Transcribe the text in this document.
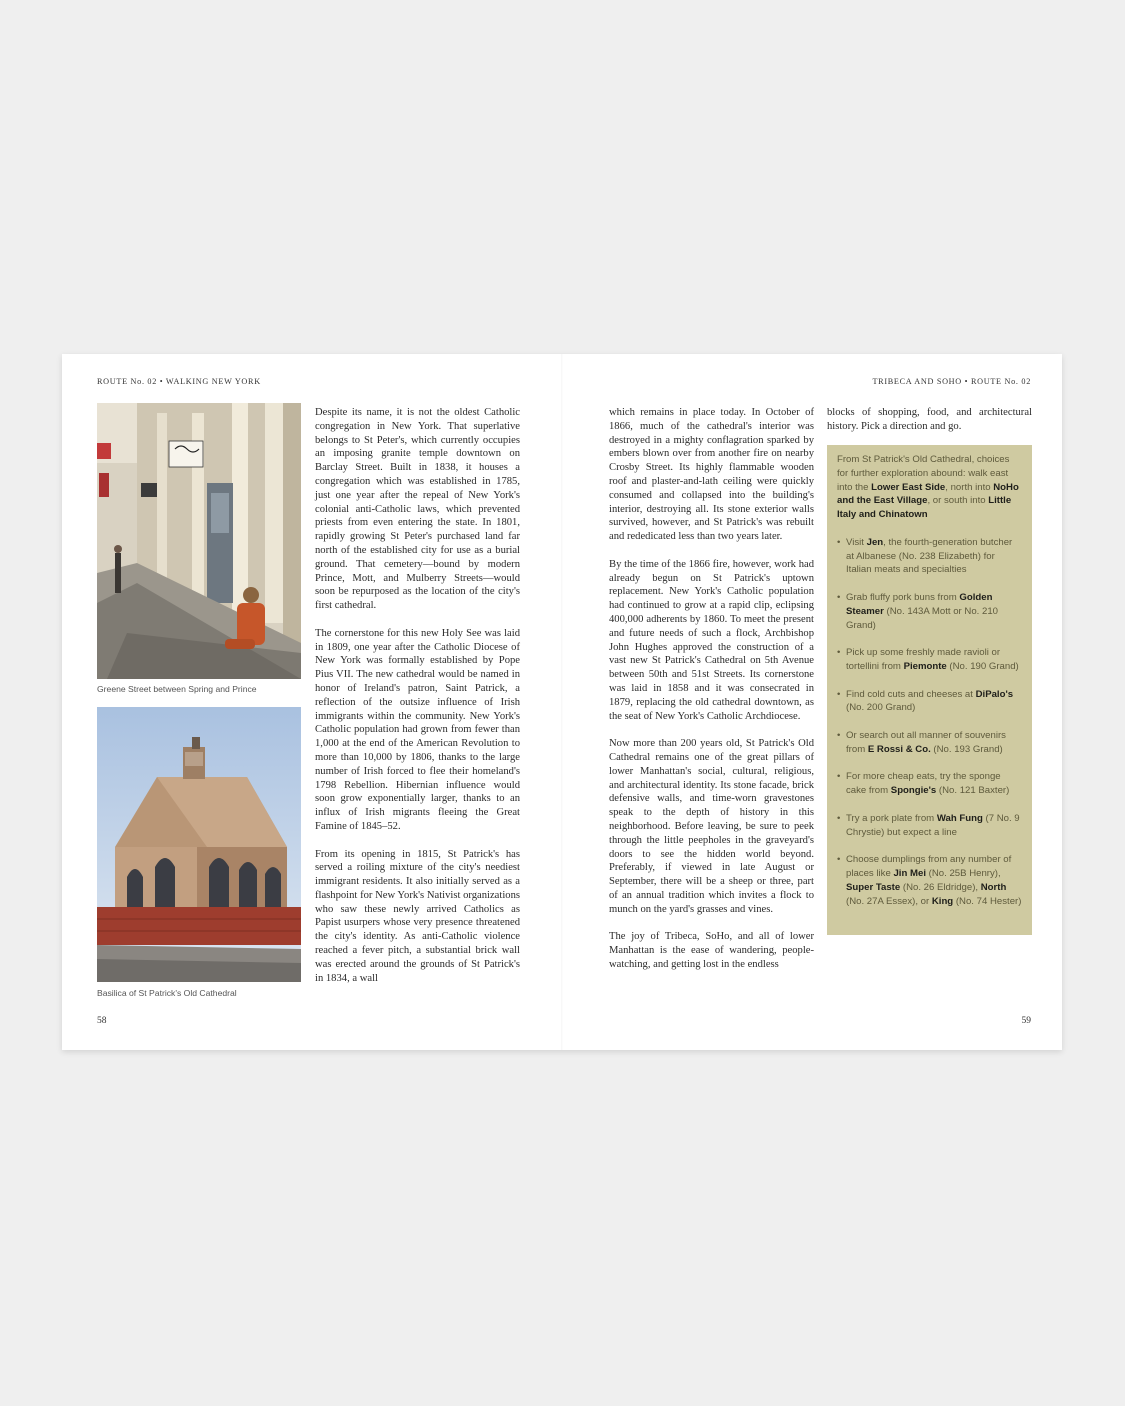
ROUTE No. 02 • WALKING NEW YORK
Greene Street between Spring and Prince
Basilica of St Patrick's Old Cathedral

Despite its name, it is not the oldest Catholic congregation in New York. That superlative belongs to St Peter's, which currently occupies an imposing granite temple downtown on Barclay Street. Built in 1838, it houses a congregation which was established in 1785, just one year after the repeal of New York's colonial anti-Catholic laws, which prevented priests from even entering the state. In 1801, rapidly growing St Peter's purchased land far north of the established city for use as a burial ground. That cemetery—bound by modern Prince, Mott, and Mulberry Streets—would soon be repurposed as the location of the city's first cathedral.

The cornerstone for this new Holy See was laid in 1809, one year after the Catholic Diocese of New York was formally established by Pope Pius VII. The new cathedral would be named in honor of Ireland's patron, Saint Patrick, a reflection of the outsize influence of Irish immigrants within the community. New York's Catholic population had grown from fewer than 1,000 at the end of the American Revolution to more than 10,000 by 1806, thanks to the large number of Irish forced to flee their homeland's 1798 Rebellion. Hibernian influence would soon grow exponentially larger, thanks to an influx of Irish migrants fleeing the Great Famine of 1845–52.

From its opening in 1815, St Patrick's has served a roiling mixture of the city's neediest immigrant residents. It also initially served as a flashpoint for New York's Nativist organizations who saw these newly arrived Catholics as Papist usurpers whose very presence threatened the city's identity. As anti-Catholic violence reached a fever pitch, a substantial brick wall was erected around the grounds of St Patrick's in 1834, a wall

58
TRIBECA AND SOHO • ROUTE No. 02

which remains in place today. In October of 1866, much of the cathedral's interior was destroyed in a mighty conflagration sparked by embers blown over from another fire on nearby Crosby Street. Its highly flammable wooden roof and plaster-and-lath ceiling were quickly consumed and collapsed into the building's interior, destroying all. Its stone exterior walls survived, however, and St Patrick's was rebuilt and rededicated less than two years later.

By the time of the 1866 fire, however, work had already begun on St Patrick's uptown replacement. New York's Catholic population had continued to grow at a rapid clip, eclipsing 400,000 adherents by 1860. To meet the present and future needs of such a flock, Archbishop John Hughes approved the construction of a vast new St Patrick's Cathedral on 5th Avenue between 50th and 51st Streets. Its cornerstone was laid in 1858 and it was consecrated in 1879, replacing the old cathedral downtown, as the seat of New York's Catholic Archdiocese.

Now more than 200 years old, St Patrick's Old Cathedral remains one of the great pillars of lower Manhattan's social, cultural, religious, and architectural identity. Its stone facade, brick defensive walls, and time-worn gravestones speak to the depth of history in this neighborhood. Before leaving, be sure to peek through the little peepholes in the graveyard's doors to see the hidden world beyond. Preferably, if viewed in late August or September, there will be a sheep or three, part of an annual tradition which invites a flock to munch on the yard's grasses and vines.

The joy of Tribeca, SoHo, and all of lower Manhattan is the ease of wandering, people-watching, and getting lost in the endless

blocks of shopping, food, and architectural history. Pick a direction and go.

From St Patrick's Old Cathedral, choices for further exploration abound: walk east into the Lower East Side, north into NoHo and the East Village, or south into Little Italy and Chinatown

• Visit Jen, the fourth-generation butcher at Albanese (No. 238 Elizabeth) for Italian meats and specialties
• Grab fluffy pork buns from Golden Steamer (No. 143A Mott or No. 210 Grand)
• Pick up some freshly made ravioli or tortellini from Piemonte (No. 190 Grand)
• Find cold cuts and cheeses at DiPalo's (No. 200 Grand)
• Or search out all manner of souvenirs from E Rossi & Co. (No. 193 Grand)
• For more cheap eats, try the sponge cake from Spongie's (No. 121 Baxter)
• Try a pork plate from Wah Fung (7 No. 9 Chrystie) but expect a line
• Choose dumplings from any number of places like Jin Mei (No. 25B Henry), Super Taste (No. 26 Eldridge), North (No. 27A Essex), or King (No. 74 Hester)
59
